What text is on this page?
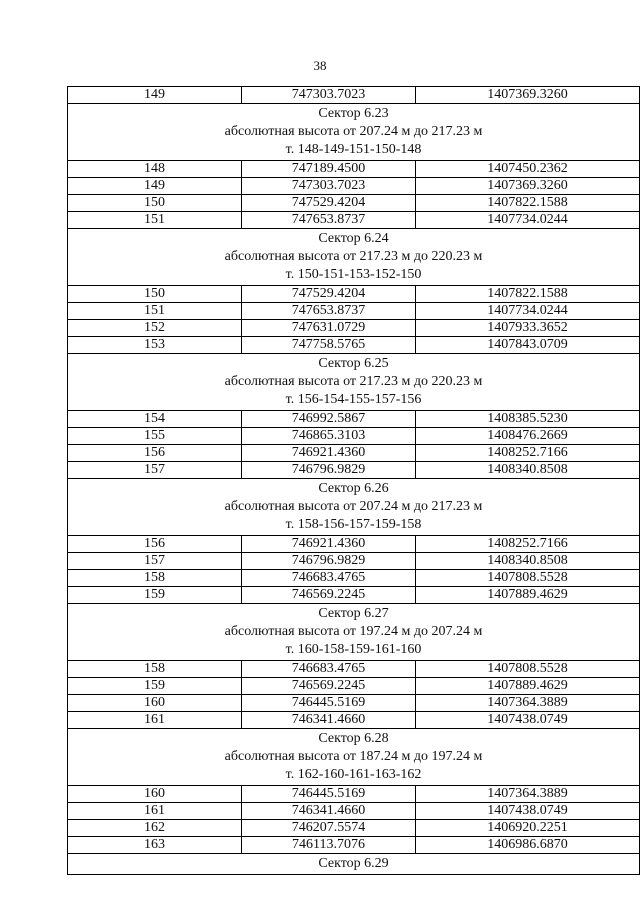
38
149	747303.7023	1407369.3260

Сектор 6.23
абсолютная высота от 207.24 м до 217.23 м
т. 148-149-151-150-148		

148	747189.4500	1407450.2362
149	747303.7023	1407369.3260
150	747529.4204	1407822.1588
151	747653.8737	1407734.0244

Сектор 6.24
абсолютная высота от 217.23 м до 220.23 м
т. 150-151-153-152-150		

150	747529.4204	1407822.1588
151	747653.8737	1407734.0244
152	747631.0729	1407933.3652
153	747758.5765	1407843.0709

Сектор 6.25
абсолютная высота от 217.23 м до 220.23 м
т. 156-154-155-157-156		

154	746992.5867	1408385.5230
155	746865.3103	1408476.2669
156	746921.4360	1408252.7166
157	746796.9829	1408340.8508

Сектор 6.26
абсолютная высота от 207.24 м до 217.23 м
т. 158-156-157-159-158		

156	746921.4360	1408252.7166
157	746796.9829	1408340.8508
158	746683.4765	1407808.5528
159	746569.2245	1407889.4629

Сектор 6.27
абсолютная высота от 197.24 м до 207.24 м
т. 160-158-159-161-160		

158	746683.4765	1407808.5528
159	746569.2245	1407889.4629
160	746445.5169	1407364.3889
161	746341.4660	1407438.0749

Сектор 6.28
абсолютная высота от 187.24 м до 197.24 м
т. 162-160-161-163-162		

160	746445.5169	1407364.3889
161	746341.4660	1407438.0749
162	746207.5574	1406920.2251
163	746113.7076	1406986.6870

Сектор 6.29		
